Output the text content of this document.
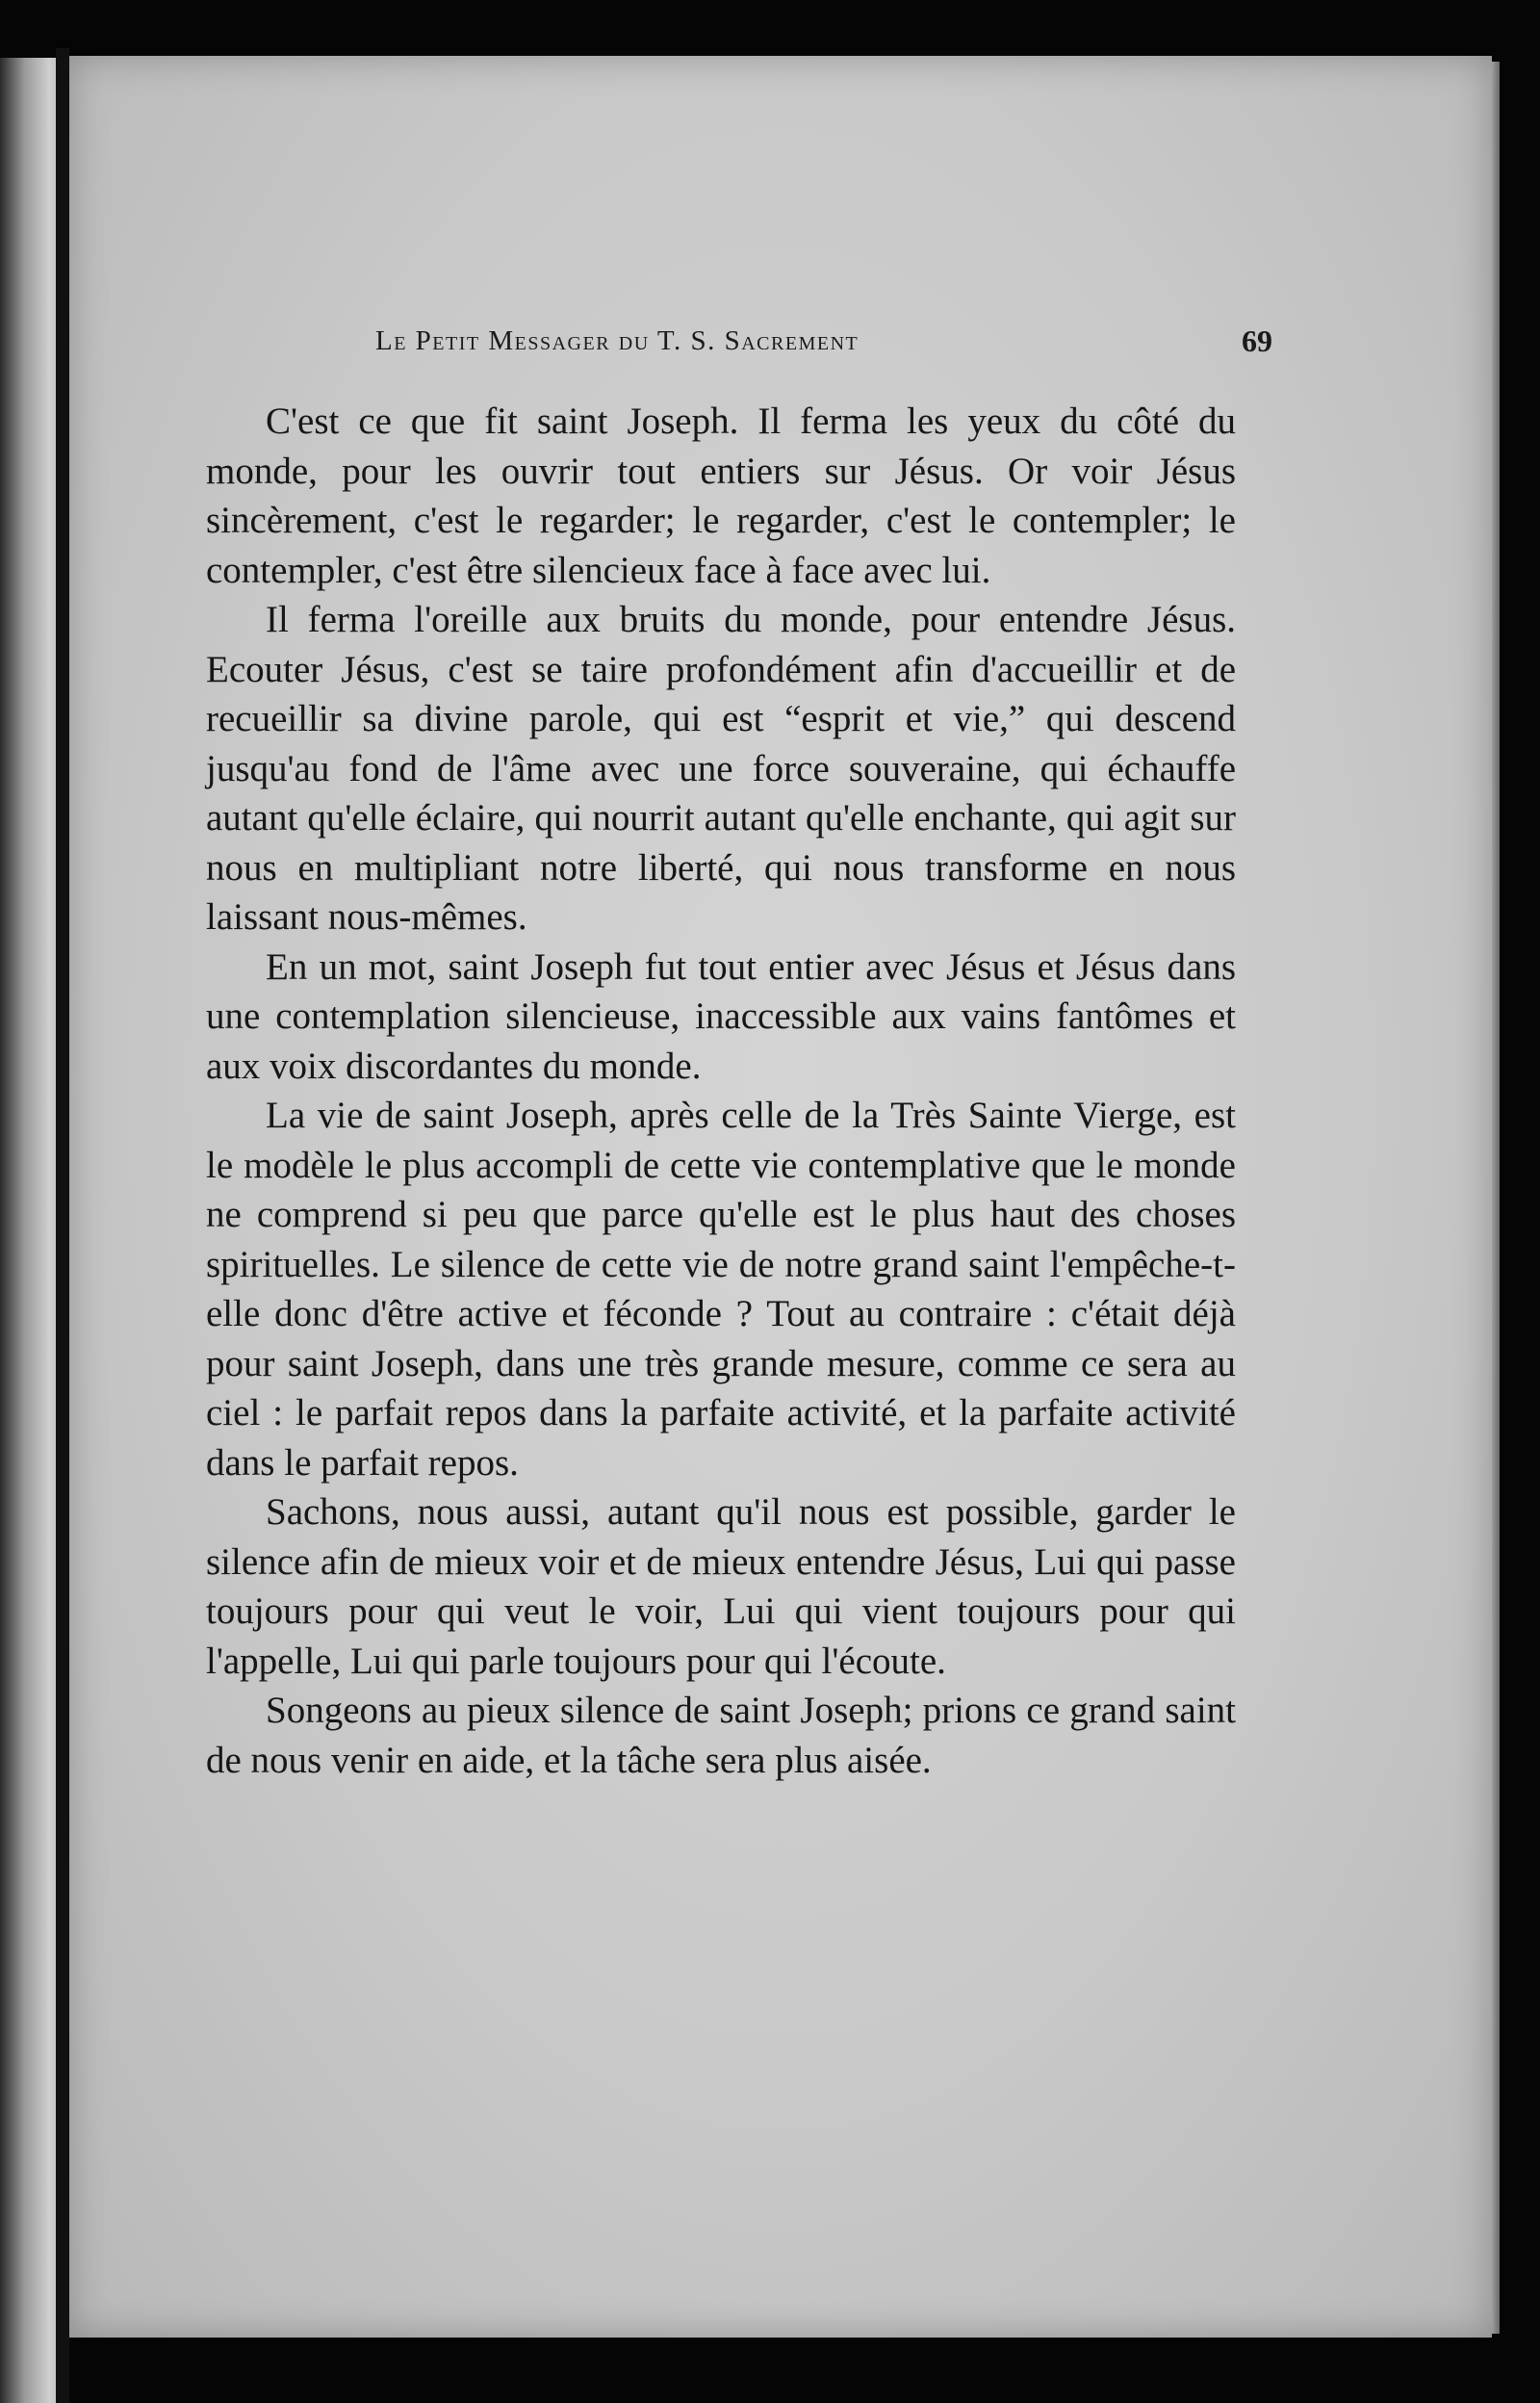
Le Petit Messager du T. S. Sacrement	69

C'est ce que fit saint Joseph. Il ferma les yeux du côté du monde, pour les ouvrir tout entiers sur Jésus. Or voir Jésus sincèrement, c'est le regarder; le regarder, c'est le contempler; le contempler, c'est être silencieux face à face avec lui.

Il ferma l'oreille aux bruits du monde, pour entendre Jésus. Ecouter Jésus, c'est se taire profondément afin d'accueillir et de recueillir sa divine parole, qui est “esprit et vie,” qui descend jusqu'au fond de l'âme avec une force souveraine, qui échauffe autant qu'elle éclaire, qui nourrit autant qu'elle enchante, qui agit sur nous en multipliant notre liberté, qui nous transforme en nous laissant nous-mêmes.

En un mot, saint Joseph fut tout entier avec Jésus et Jésus dans une contemplation silencieuse, inaccessible aux vains fantômes et aux voix discordantes du monde.

La vie de saint Joseph, après celle de la Très Sainte Vierge, est le modèle le plus accompli de cette vie contemplative que le monde ne comprend si peu que parce qu'elle est le plus haut des choses spirituelles. Le silence de cette vie de notre grand saint l'empêche-t-elle donc d'être active et féconde ? Tout au contraire : c'était déjà pour saint Joseph, dans une très grande mesure, comme ce sera au ciel : le parfait repos dans la parfaite activité, et la parfaite activité dans le parfait repos.

Sachons, nous aussi, autant qu'il nous est possible, garder le silence afin de mieux voir et de mieux entendre Jésus, Lui qui passe toujours pour qui veut le voir, Lui qui vient toujours pour qui l'appelle, Lui qui parle toujours pour qui l'écoute.

Songeons au pieux silence de saint Joseph; prions ce grand saint de nous venir en aide, et la tâche sera plus aisée.
